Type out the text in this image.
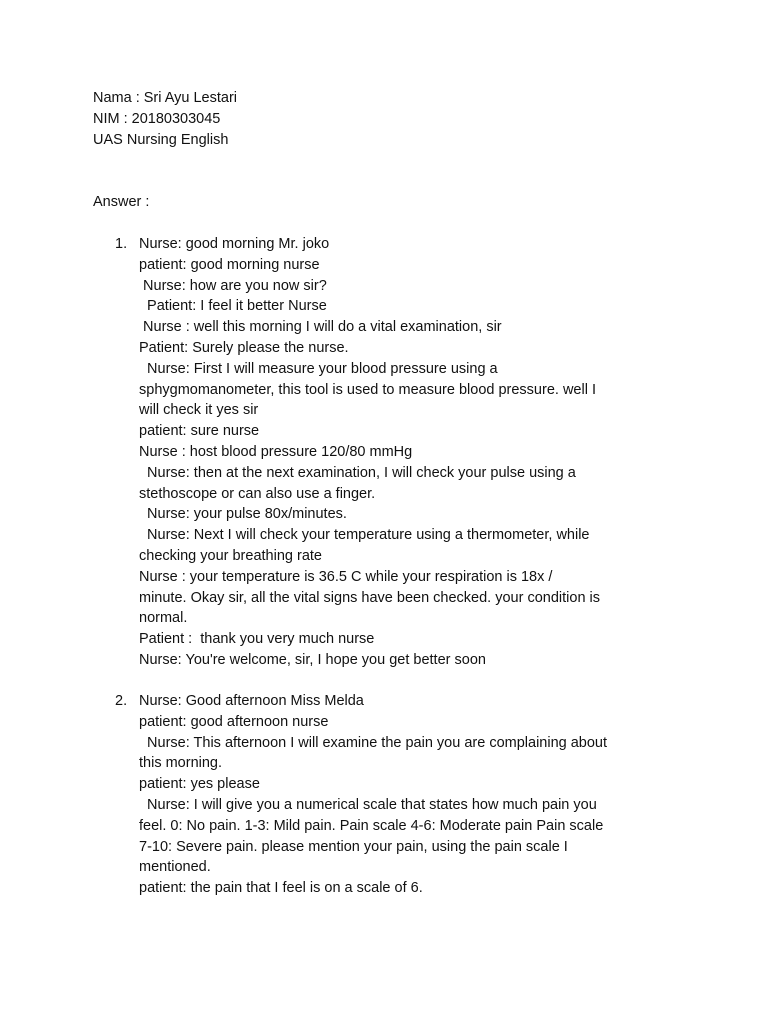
Nama : Sri Ayu Lestari
NIM : 20180303045
UAS Nursing English
Answer :
1. Nurse: good morning Mr. joko
patient: good morning nurse
Nurse: how are you now sir?
Patient: I feel it better Nurse
Nurse : well this morning I will do a vital examination, sir
Patient: Surely please the nurse.
Nurse: First I will measure your blood pressure using a
sphygmomanometer, this tool is used to measure blood pressure. well I
will check it yes sir
patient: sure nurse
Nurse : host blood pressure 120/80 mmHg
Nurse: then at the next examination, I will check your pulse using a
stethoscope or can also use a finger.
Nurse: your pulse 80x/minutes.
Nurse: Next I will check your temperature using a thermometer, while
checking your breathing rate
Nurse : your temperature is 36.5 C while your respiration is 18x /
minute. Okay sir, all the vital signs have been checked. your condition is
normal.
Patient :  thank you very much nurse
Nurse: You're welcome, sir, I hope you get better soon
2. Nurse: Good afternoon Miss Melda
patient: good afternoon nurse
Nurse: This afternoon I will examine the pain you are complaining about
this morning.
patient: yes please
Nurse: I will give you a numerical scale that states how much pain you
feel. 0: No pain. 1-3: Mild pain. Pain scale 4-6: Moderate pain Pain scale
7-10: Severe pain. please mention your pain, using the pain scale I
mentioned.
patient: the pain that I feel is on a scale of 6.
